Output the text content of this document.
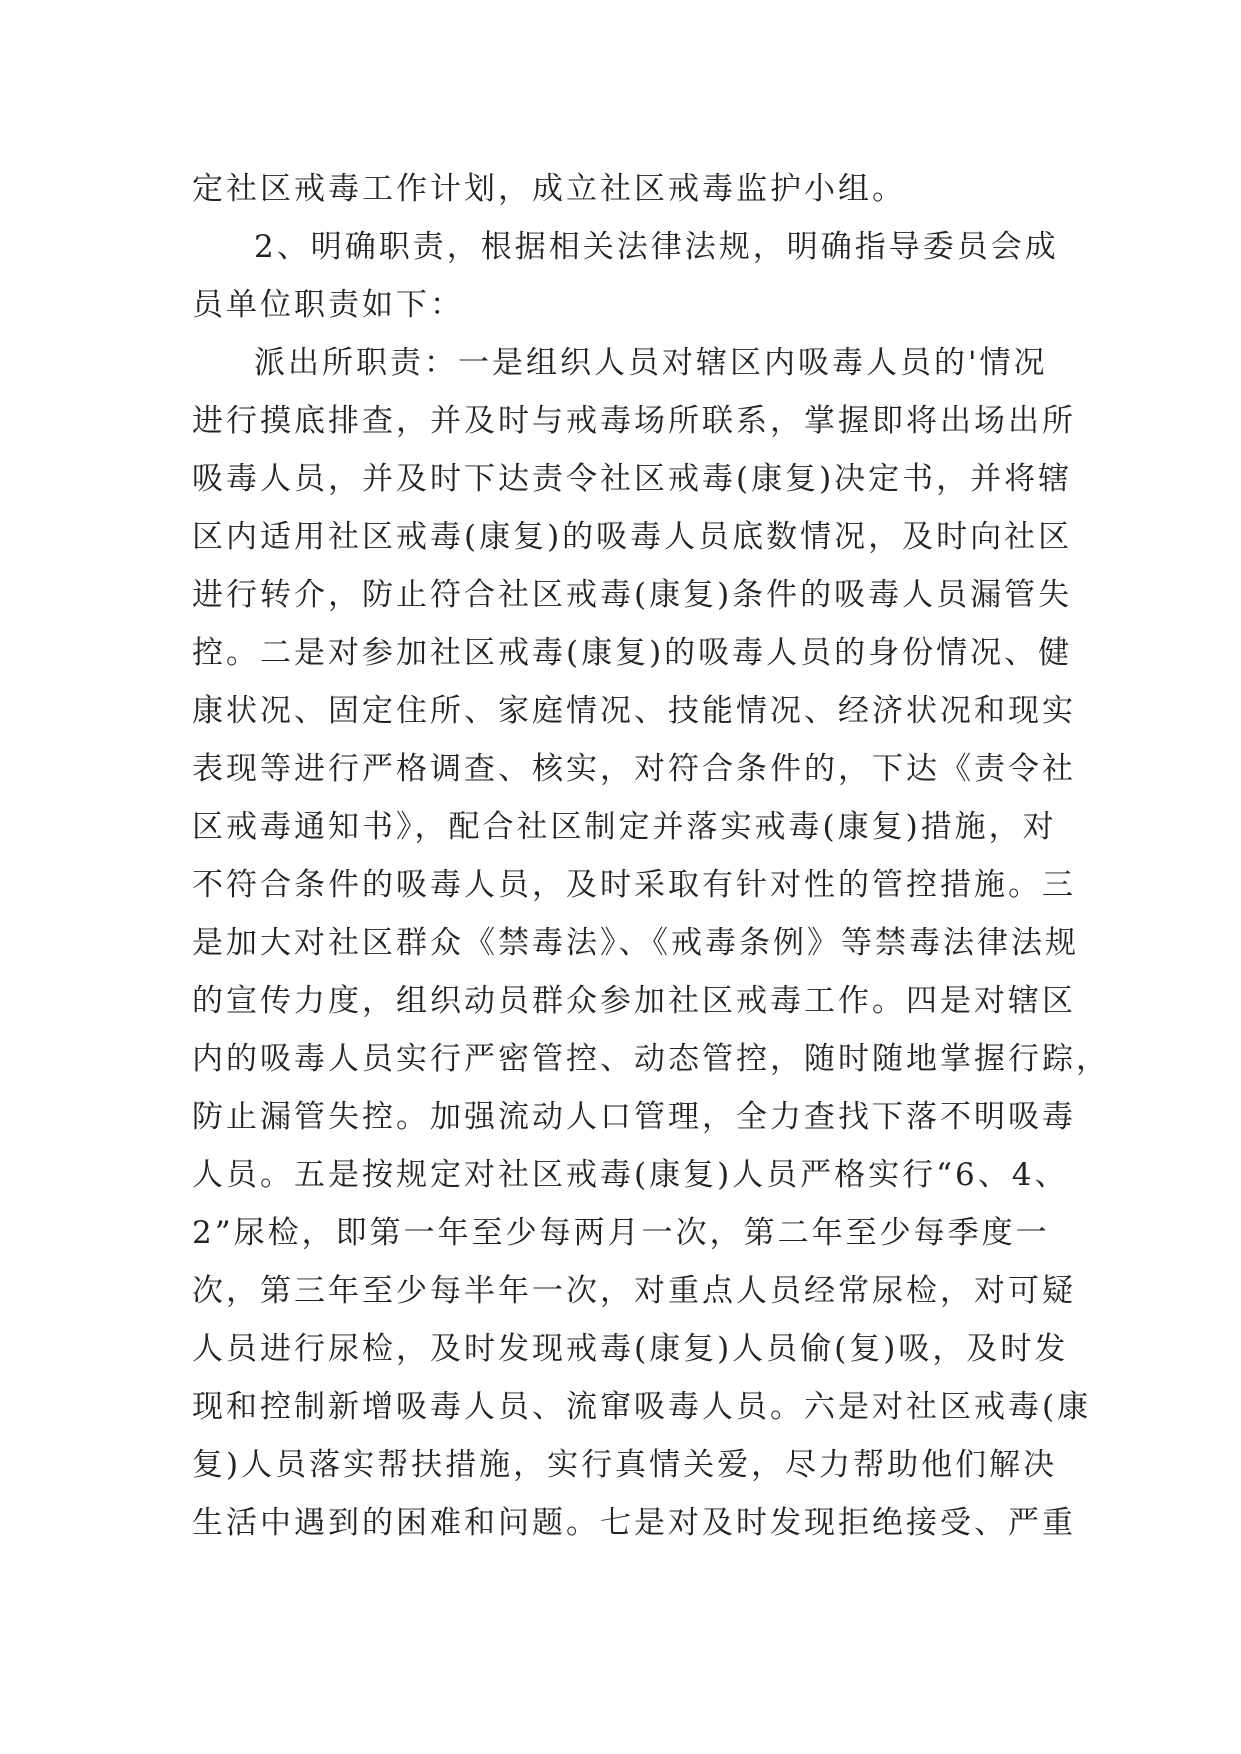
定社区戒毒工作计划，成立社区戒毒监护小组。
2、明确职责，根据相关法律法规，明确指导委员会成
员单位职责如下：
派出所职责：一是组织人员对辖区内吸毒人员的'情况
进行摸底排查，并及时与戒毒场所联系，掌握即将出场出所
吸毒人员，并及时下达责令社区戒毒(康复)决定书，并将辖
区内适用社区戒毒(康复)的吸毒人员底数情况，及时向社区
进行转介，防止符合社区戒毒(康复)条件的吸毒人员漏管失
控。二是对参加社区戒毒(康复)的吸毒人员的身份情况、健
康状况、固定住所、家庭情况、技能情况、经济状况和现实
表现等进行严格调查、核实，对符合条件的，下达《责令社
区戒毒通知书》，配合社区制定并落实戒毒(康复)措施，对
不符合条件的吸毒人员，及时采取有针对性的管控措施。三
是加大对社区群众《禁毒法》、《戒毒条例》等禁毒法律法规
的宣传力度，组织动员群众参加社区戒毒工作。四是对辖区
内的吸毒人员实行严密管控、动态管控，随时随地掌握行踪，
防止漏管失控。加强流动人口管理，全力查找下落不明吸毒
人员。五是按规定对社区戒毒(康复)人员严格实行“6、4、
2”尿检，即第一年至少每两月一次，第二年至少每季度一
次，第三年至少每半年一次，对重点人员经常尿检，对可疑
人员进行尿检，及时发现戒毒(康复)人员偷(复)吸，及时发
现和控制新增吸毒人员、流窜吸毒人员。六是对社区戒毒(康
复)人员落实帮扶措施，实行真情关爱，尽力帮助他们解决
生活中遇到的困难和问题。七是对及时发现拒绝接受、严重
